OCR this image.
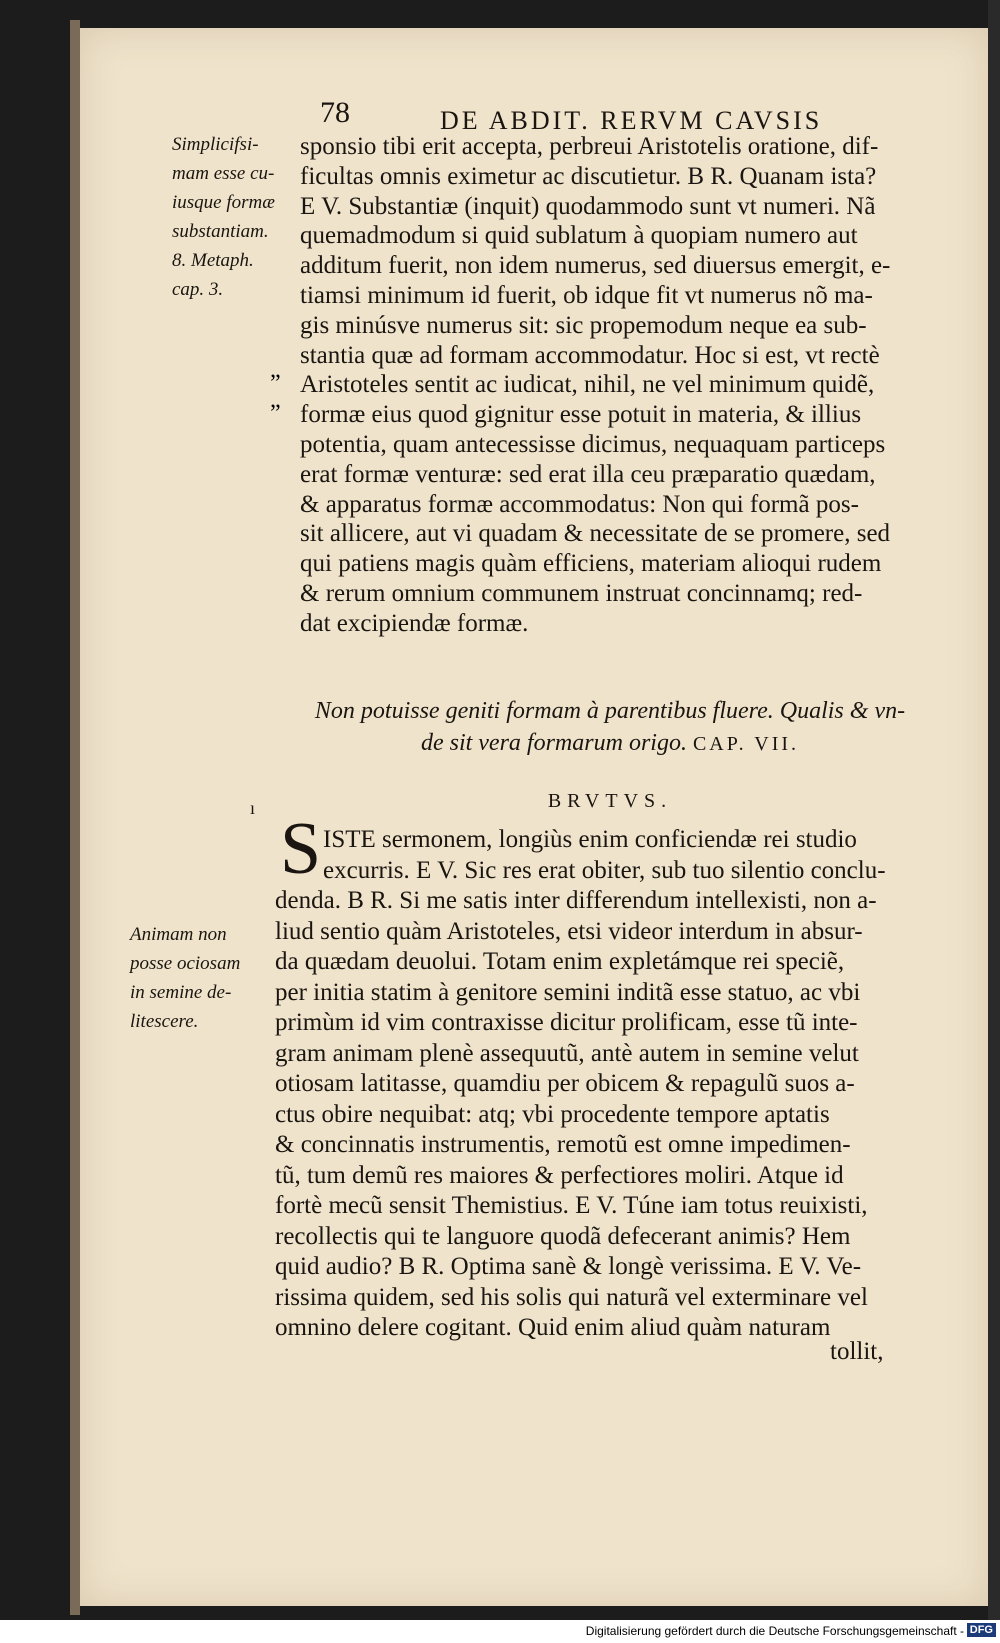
78	DE ABDIT. RERVM CAVSIS
Simplicifsi-
mam esse cu-
iusque formæ
substantiam.
8. Metaph.
cap. 3.
„
„
sponsio tibi erit accepta, perbreui Aristotelis oratione, dif-
ficultas omnis eximetur ac discutietur. B R. Quanam ista?
E V. Substantiæ (inquit) quodammodo sunt vt numeri. Nã
quemadmodum si quid sublatum à quopiam numero aut
additum fuerit, non idem numerus, sed diuersus emergit, e-
tiamsi minimum id fuerit, ob idque fit vt numerus nõ ma-
gis minúsve numerus sit: sic propemodum neque ea sub-
stantia quæ ad formam accommodatur. Hoc si est, vt rectè
Aristoteles sentit ac iudicat, nihil, ne vel minimum quidẽ,
formæ eius quod gignitur esse potuit in materia, & illius
potentia, quam antecessisse dicimus, nequaquam particeps
erat formæ venturæ: sed erat illa ceu præparatio quædam,
& apparatus formæ accommodatus: Non qui formã pos-
sit allicere, aut vi quadam & necessitate de se promere, sed
qui patiens magis quàm efficiens, materiam alioqui rudem
& rerum omnium communem instruat concinnamq; red-
dat excipiendæ formæ.
Non potuisse geniti formam à parentibus fluere. Qualis & vn-
de sit vera formarum origo. CAP. VII.
BRVTVS.
ı S
Animam non
posse ociosam
in semine de-
litescere.
ISTE sermonem, longiùs enim conficiendæ rei studio
excurris. E V. Sic res erat obiter, sub tuo silentio conclu-
denda. B R. Si me satis inter differendum intellexisti, non a-
liud sentio quàm Aristoteles, etsi videor interdum in absur-
da quædam deuolui. Totam enim expletámque rei speciẽ,
per initia statim à genitore semini inditã esse statuo, ac vbi
primùm id vim contraxisse dicitur prolificam, esse tũ inte-
gram animam plenè assequutũ, antè autem in semine velut
otiosam latitasse, quamdiu per obicem & repagulũ suos a-
ctus obire nequibat: atq; vbi procedente tempore aptatis
& concinnatis instrumentis, remotũ est omne impedimen-
tũ, tum demũ res maiores & perfectiores moliri. Atque id
fortè mecũ sensit Themistius. E V. Túne iam totus reuixisti,
recollectis qui te languore quodã defecerant animis? Hem
quid audio? B R. Optima sanè & longè verissima. E V. Ve-
rissima quidem, sed his solis qui naturã vel exterminare vel
omnino delere cogitant. Quid enim aliud quàm naturam
tollit,
Digitalisierung gefördert durch die Deutsche Forschungsgemeinschaft - DFG
